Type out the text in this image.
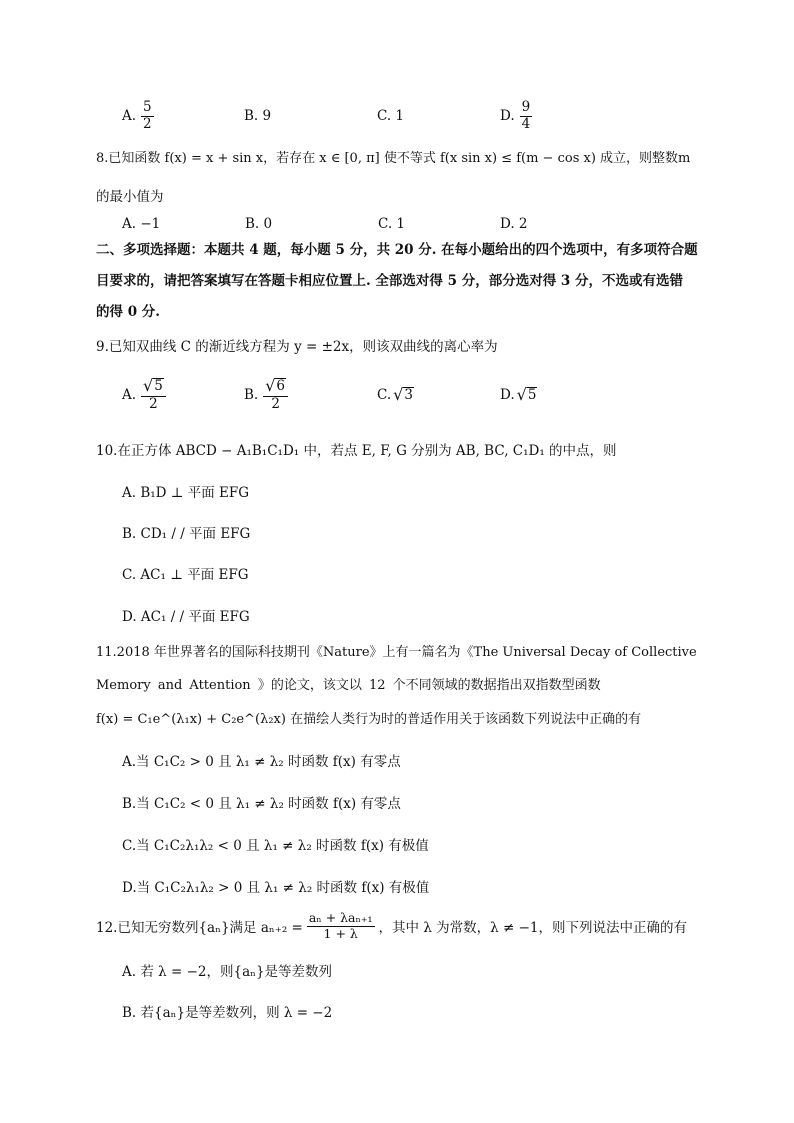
A. $\frac{5}{2}$	B. 9	C. 1	D. $\frac{9}{4}$
8.已知函数 f(x) = x + sin x，若存在 x ∈ [0, π] 使不等式 f(x sin x) ≤ f(m − cos x) 成立，则整数m
的最小值为
A. −1	B. 0	C. 1	D. 2
二、多项选择题：本题共 4 题，每小题 5 分，共 20 分. 在每小题给出的四个选项中，有多项符合题
目要求的，请把答案填写在答题卡相应位置上. 全部选对得 5 分，部分选对得 3 分，不选或有选错
的得 0 分.
9.已知双曲线 C 的渐近线方程为 y = ±2x，则该双曲线的离心率为
A. $\frac{√ 5}{2}$	B. $\frac{√ 6}{2}$	C. √ 3	D. √ 5
10.在正方体 ABCD − A₁B₁C₁D₁ 中，若点 E, F, G 分别为 AB, BC, C₁D₁ 的中点，则
A. B₁D ⊥ 平面 EFG
B. CD₁ / / 平面 EFG
C. AC₁ ⊥ 平面 EFG
D. AC₁ / / 平面 EFG
11.2018 年世界著名的国际科技期刊《Nature》上有一篇名为《The Universal Decay of Collective
Memory and Attention 》的论文，该文以 12 个不同领域的数据指出双指数型函数
f(x) = C₁e^(λ₁x) + C₂e^(λ₂x) 在描绘人类行为时的普适作用关于该函数下列说法中正确的有
A.当 C₁C₂ > 0 且 λ₁ ≠ λ₂ 时函数 f(x) 有零点
B.当 C₁C₂ < 0 且 λ₁ ≠ λ₂ 时函数 f(x) 有零点
C.当 C₁C₂λ₁λ₂ < 0 且 λ₁ ≠ λ₂ 时函数 f(x) 有极值
D.当 C₁C₂λ₁λ₂ > 0 且 λ₁ ≠ λ₂ 时函数 f(x) 有极值
12.已知无穷数列{aₙ}满足 $a_{n+2} = \frac{\text{aₙ + λaₙ₊₁}}{1 + \lambda}$ ，其中 λ 为常数，λ ≠ −1，则下列说法中正确的有
A. 若 λ = −2，则{aₙ}是等差数列
B. 若{aₙ}是等差数列，则 λ = −2
